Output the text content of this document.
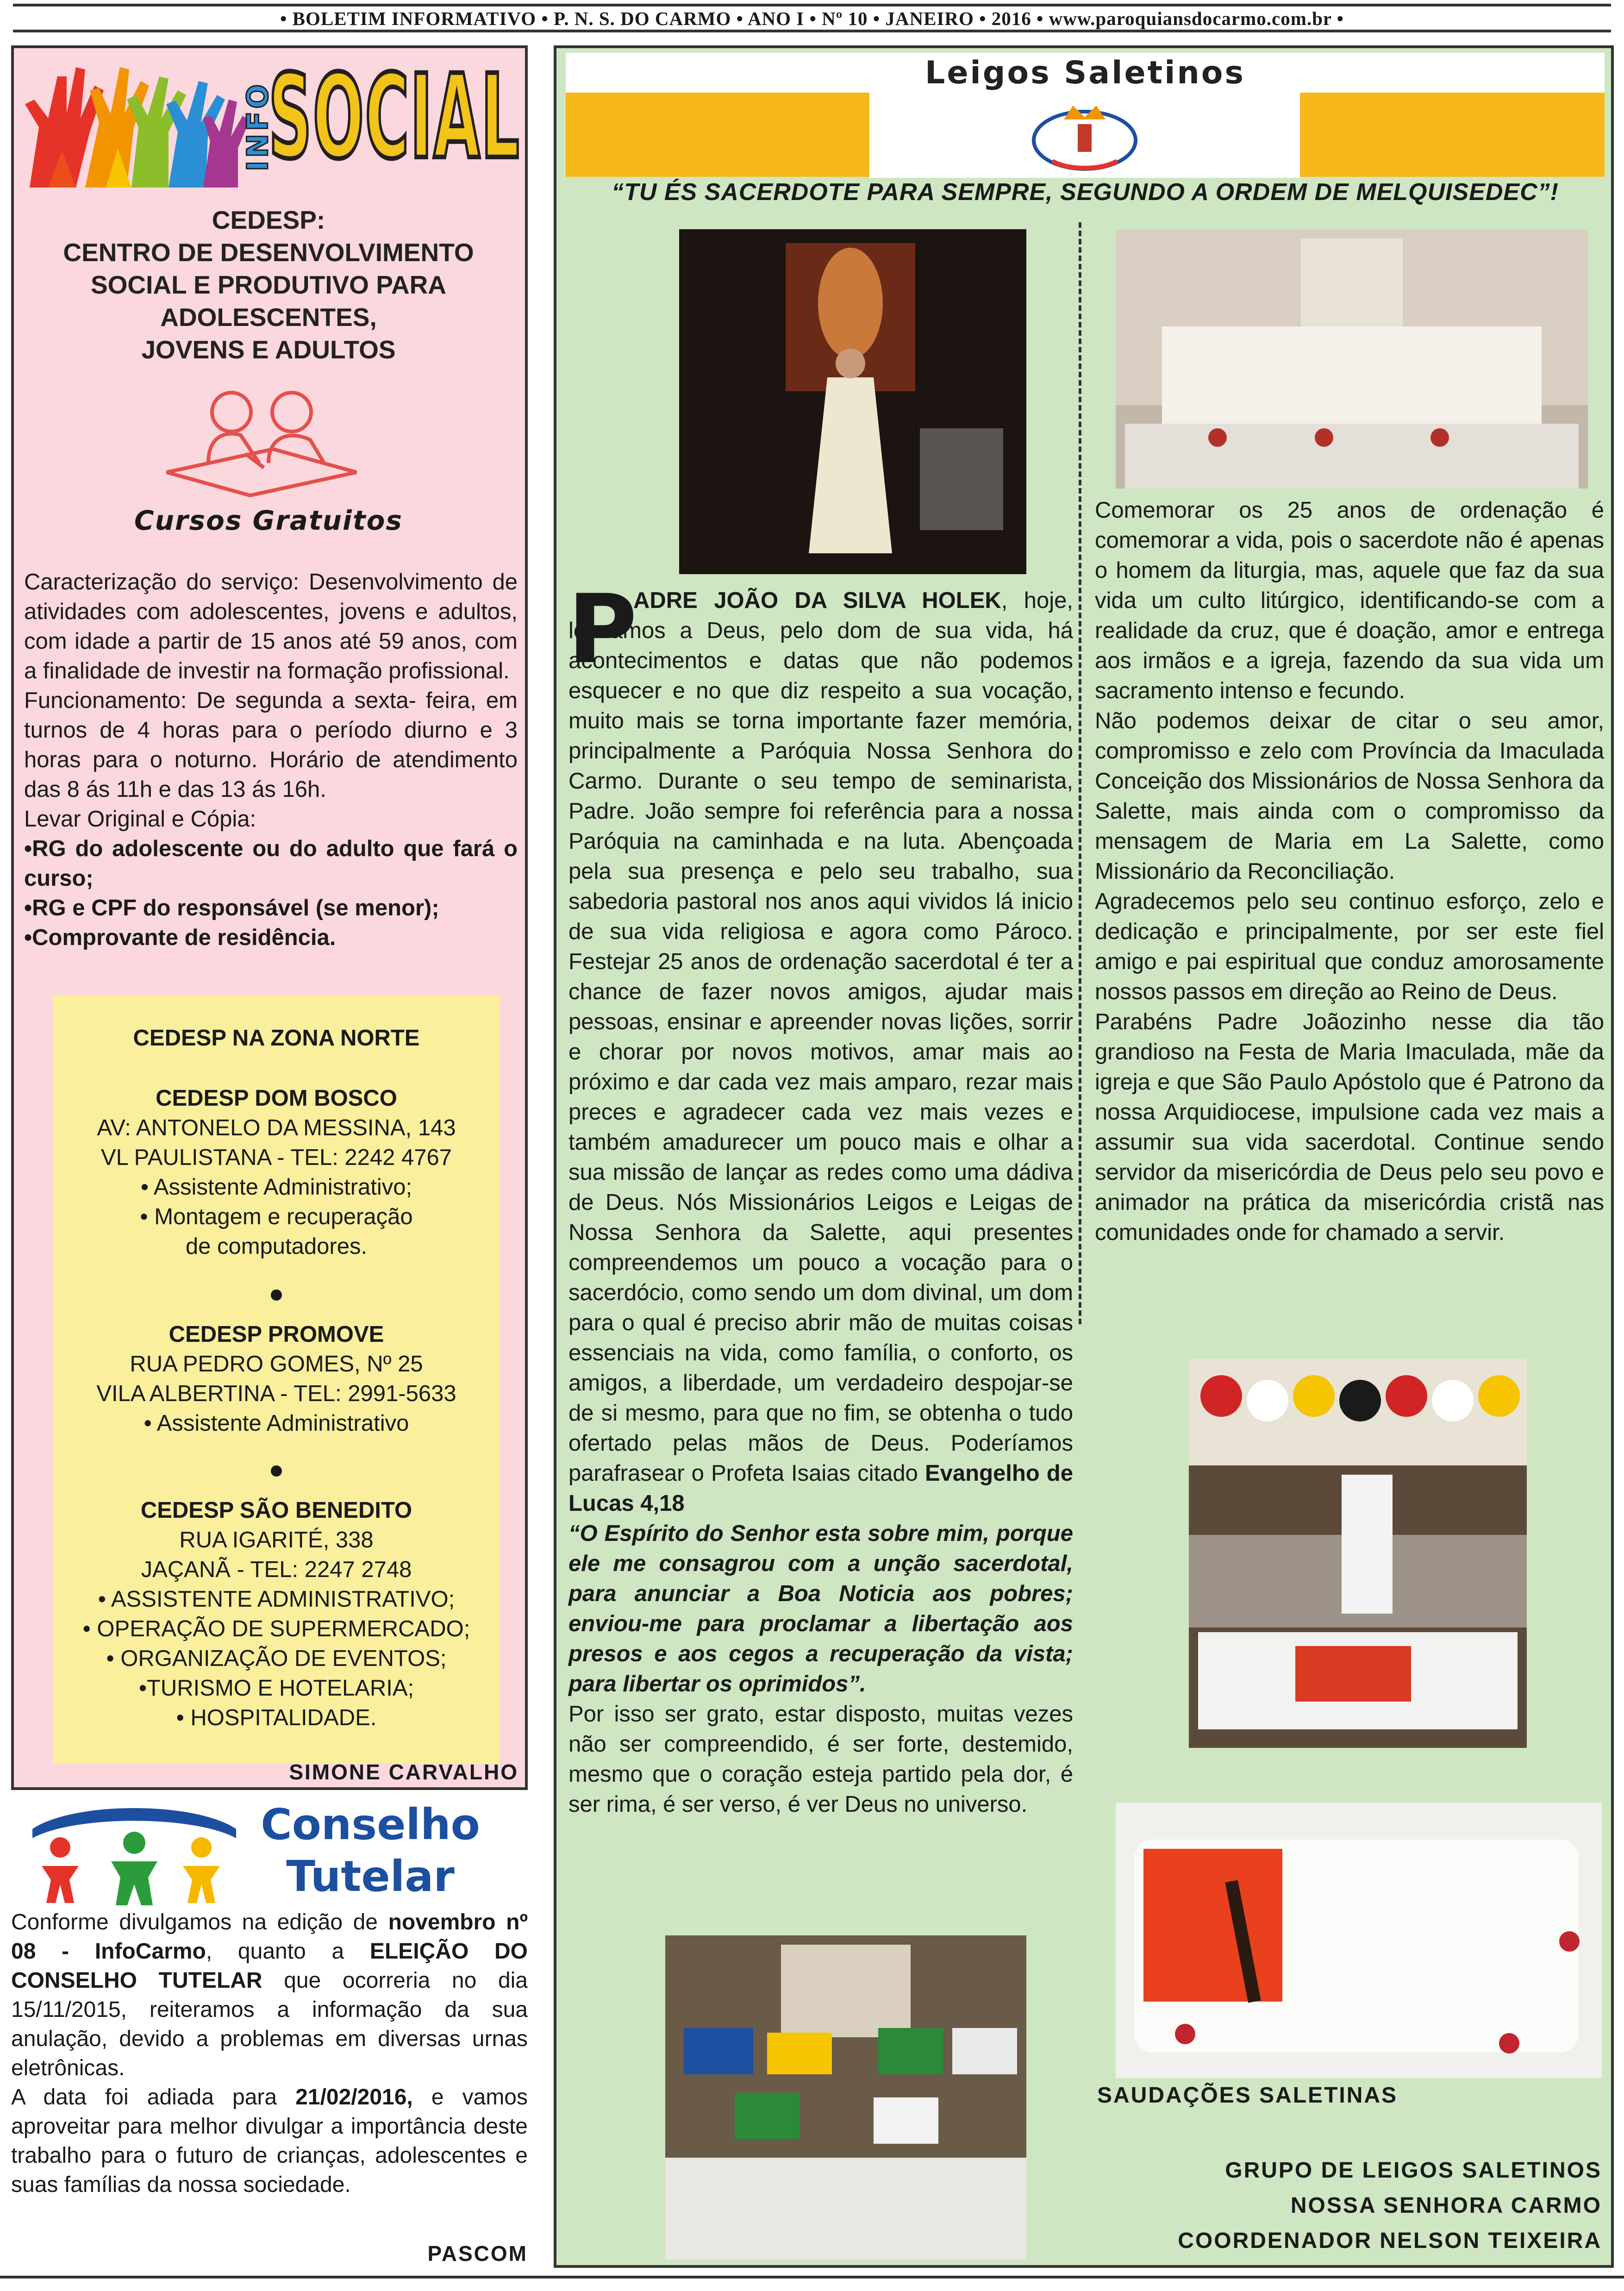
• BOLETIM INFORMATIVO • P. N. S. DO CARMO • ANO I • Nº 10 • JANEIRO • 2016 • www.paroquiansdocarmo.com.br •
INFO
SOCIAL
CEDESP:
CENTRO DE DESENVOLVIMENTO
SOCIAL E PRODUTIVO PARA
ADOLESCENTES,
JOVENS E ADULTOS
Cursos Gratuitos

Caracterização do serviço: Desenvolvimento de atividades com adolescentes, jovens e adultos, com idade a partir de 15 anos até 59 anos, com a finalidade de investir na formação profissional.

Funcionamento: De segunda a sexta- feira, em turnos de 4 horas para o período diurno e 3 horas para o noturno. Horário de atendimento das 8 ás 11h e das 13 ás 16h.

Levar Original e Cópia:

•RG do adolescente ou do adulto que fará o curso;

•RG e CPF do responsável (se menor);

•Comprovante de residência.

CEDESP NA ZONA NORTE
CEDESP DOM BOSCO
AV: ANTONELO DA MESSINA, 143
VL PAULISTANA - TEL: 2242 4767
• Assistente Administrativo;
• Montagem e recuperação
de computadores.
CEDESP PROMOVE
RUA PEDRO GOMES, Nº 25
VILA ALBERTINA - TEL: 2991-5633
• Assistente Administrativo
CEDESP SÃO BENEDITO
RUA IGARITÉ, 338
JAÇANÃ - TEL: 2247 2748
• ASSISTENTE ADMINISTRATIVO;
• OPERAÇÃO DE SUPERMERCADO;
• ORGANIZAÇÃO DE EVENTOS;
•TURISMO E HOTELARIA;
• HOSPITALIDADE.
SIMONE CARVALHO
Conselho
Tutelar

Conforme divulgamos na edição de novembro nº 08 - InfoCarmo, quanto a ELEIÇÃO DO CONSELHO TUTELAR que ocorreria no dia 15/11/2015, reiteramos a informação da sua anulação, devido a problemas em diversas urnas eletrônicas.

A data foi adiada para 21/02/2016, e vamos aproveitar para melhor divulgar a importância deste trabalho para o futuro de crianças, adolescentes e suas famílias da nossa sociedade.

PASCOM
Leigos Saletinos
“TU ÉS SACERDOTE PARA SEMPRE, SEGUNDO A ORDEM DE MELQUISEDEC”!
P

ADRE JOÃO DA SILVA HOLEK, hoje, louvamos a Deus, pelo dom de sua vida, há acontecimentos e datas que não podemos esquecer e no que diz respeito a sua vocação, muito mais se torna importante fazer memória, principalmente a Paróquia Nossa Senhora do Carmo. Durante o seu tempo de seminarista, Padre. João sempre foi referência para a nossa Paróquia na caminhada e na luta. Abençoada pela sua presença e pelo seu trabalho, sua sabedoria pastoral nos anos aqui vividos lá inicio de sua vida religiosa e agora como Pároco. Festejar 25 anos de ordenação sacerdotal é ter a chance de fazer novos amigos, ajudar mais pessoas, ensinar e apreender novas lições, sorrir e chorar por novos motivos, amar mais ao próximo e dar cada vez mais amparo, rezar mais preces e agradecer cada vez mais vezes e também amadurecer um pouco mais e olhar a sua missão de lançar as redes como uma dádiva de Deus. Nós Missionários Leigos e Leigas de Nossa Senhora da Salette, aqui presentes compreendemos um pouco a vocação para o sacerdócio, como sendo um dom divinal, um dom para o qual é preciso abrir mão de muitas coisas essenciais na vida, como família, o conforto, os amigos, a liberdade, um verdadeiro despojar-se de si mesmo, para que no fim, se obtenha o tudo ofertado pelas mãos de Deus. Poderíamos parafrasear o Profeta Isaias citado Evangelho de Lucas 4,18

“O Espírito do Senhor esta sobre mim, porque ele me consagrou com a unção sacerdotal, para anunciar a Boa Noticia aos pobres; enviou-me para proclamar a libertação aos presos e aos cegos a recuperação da vista; para libertar os oprimidos”.

Por isso ser grato, estar disposto, muitas vezes não ser compreendido, é ser forte, destemido, mesmo que o coração esteja partido pela dor, é ser rima, é ser verso, é ver Deus no universo.

Comemorar os 25 anos de ordenação é comemorar a vida, pois o sacerdote não é apenas o homem da liturgia, mas, aquele que faz da sua vida um culto litúrgico, identificando-se com a realidade da cruz, que é doação, amor e entrega aos irmãos e a igreja, fazendo da sua vida um sacramento intenso e fecundo.

Não podemos deixar de citar o seu amor, compromisso e zelo com Província da Imaculada Conceição dos Missionários de Nossa Senhora da Salette, mais ainda com o compromisso da mensagem de Maria em La Salette, como Missionário da Reconciliação.

Agradecemos pelo seu continuo esforço, zelo e dedicação e principalmente, por ser este fiel amigo e pai espiritual que conduz amorosamente nossos passos em direção ao Reino de Deus.

Parabéns Padre Joãozinho nesse dia tão grandioso na Festa de Maria Imaculada, mãe da igreja e que São Paulo Apóstolo que é Patrono da nossa Arquidiocese, impulsione cada vez mais a assumir sua vida sacerdotal. Continue sendo servidor da misericórdia de Deus pelo seu povo e animador na prática da misericórdia cristã nas comunidades onde for chamado a servir.

SAUDAÇÕES SALETINAS
GRUPO DE LEIGOS SALETINOS
NOSSA SENHORA CARMO
COORDENADOR NELSON TEIXEIRA
